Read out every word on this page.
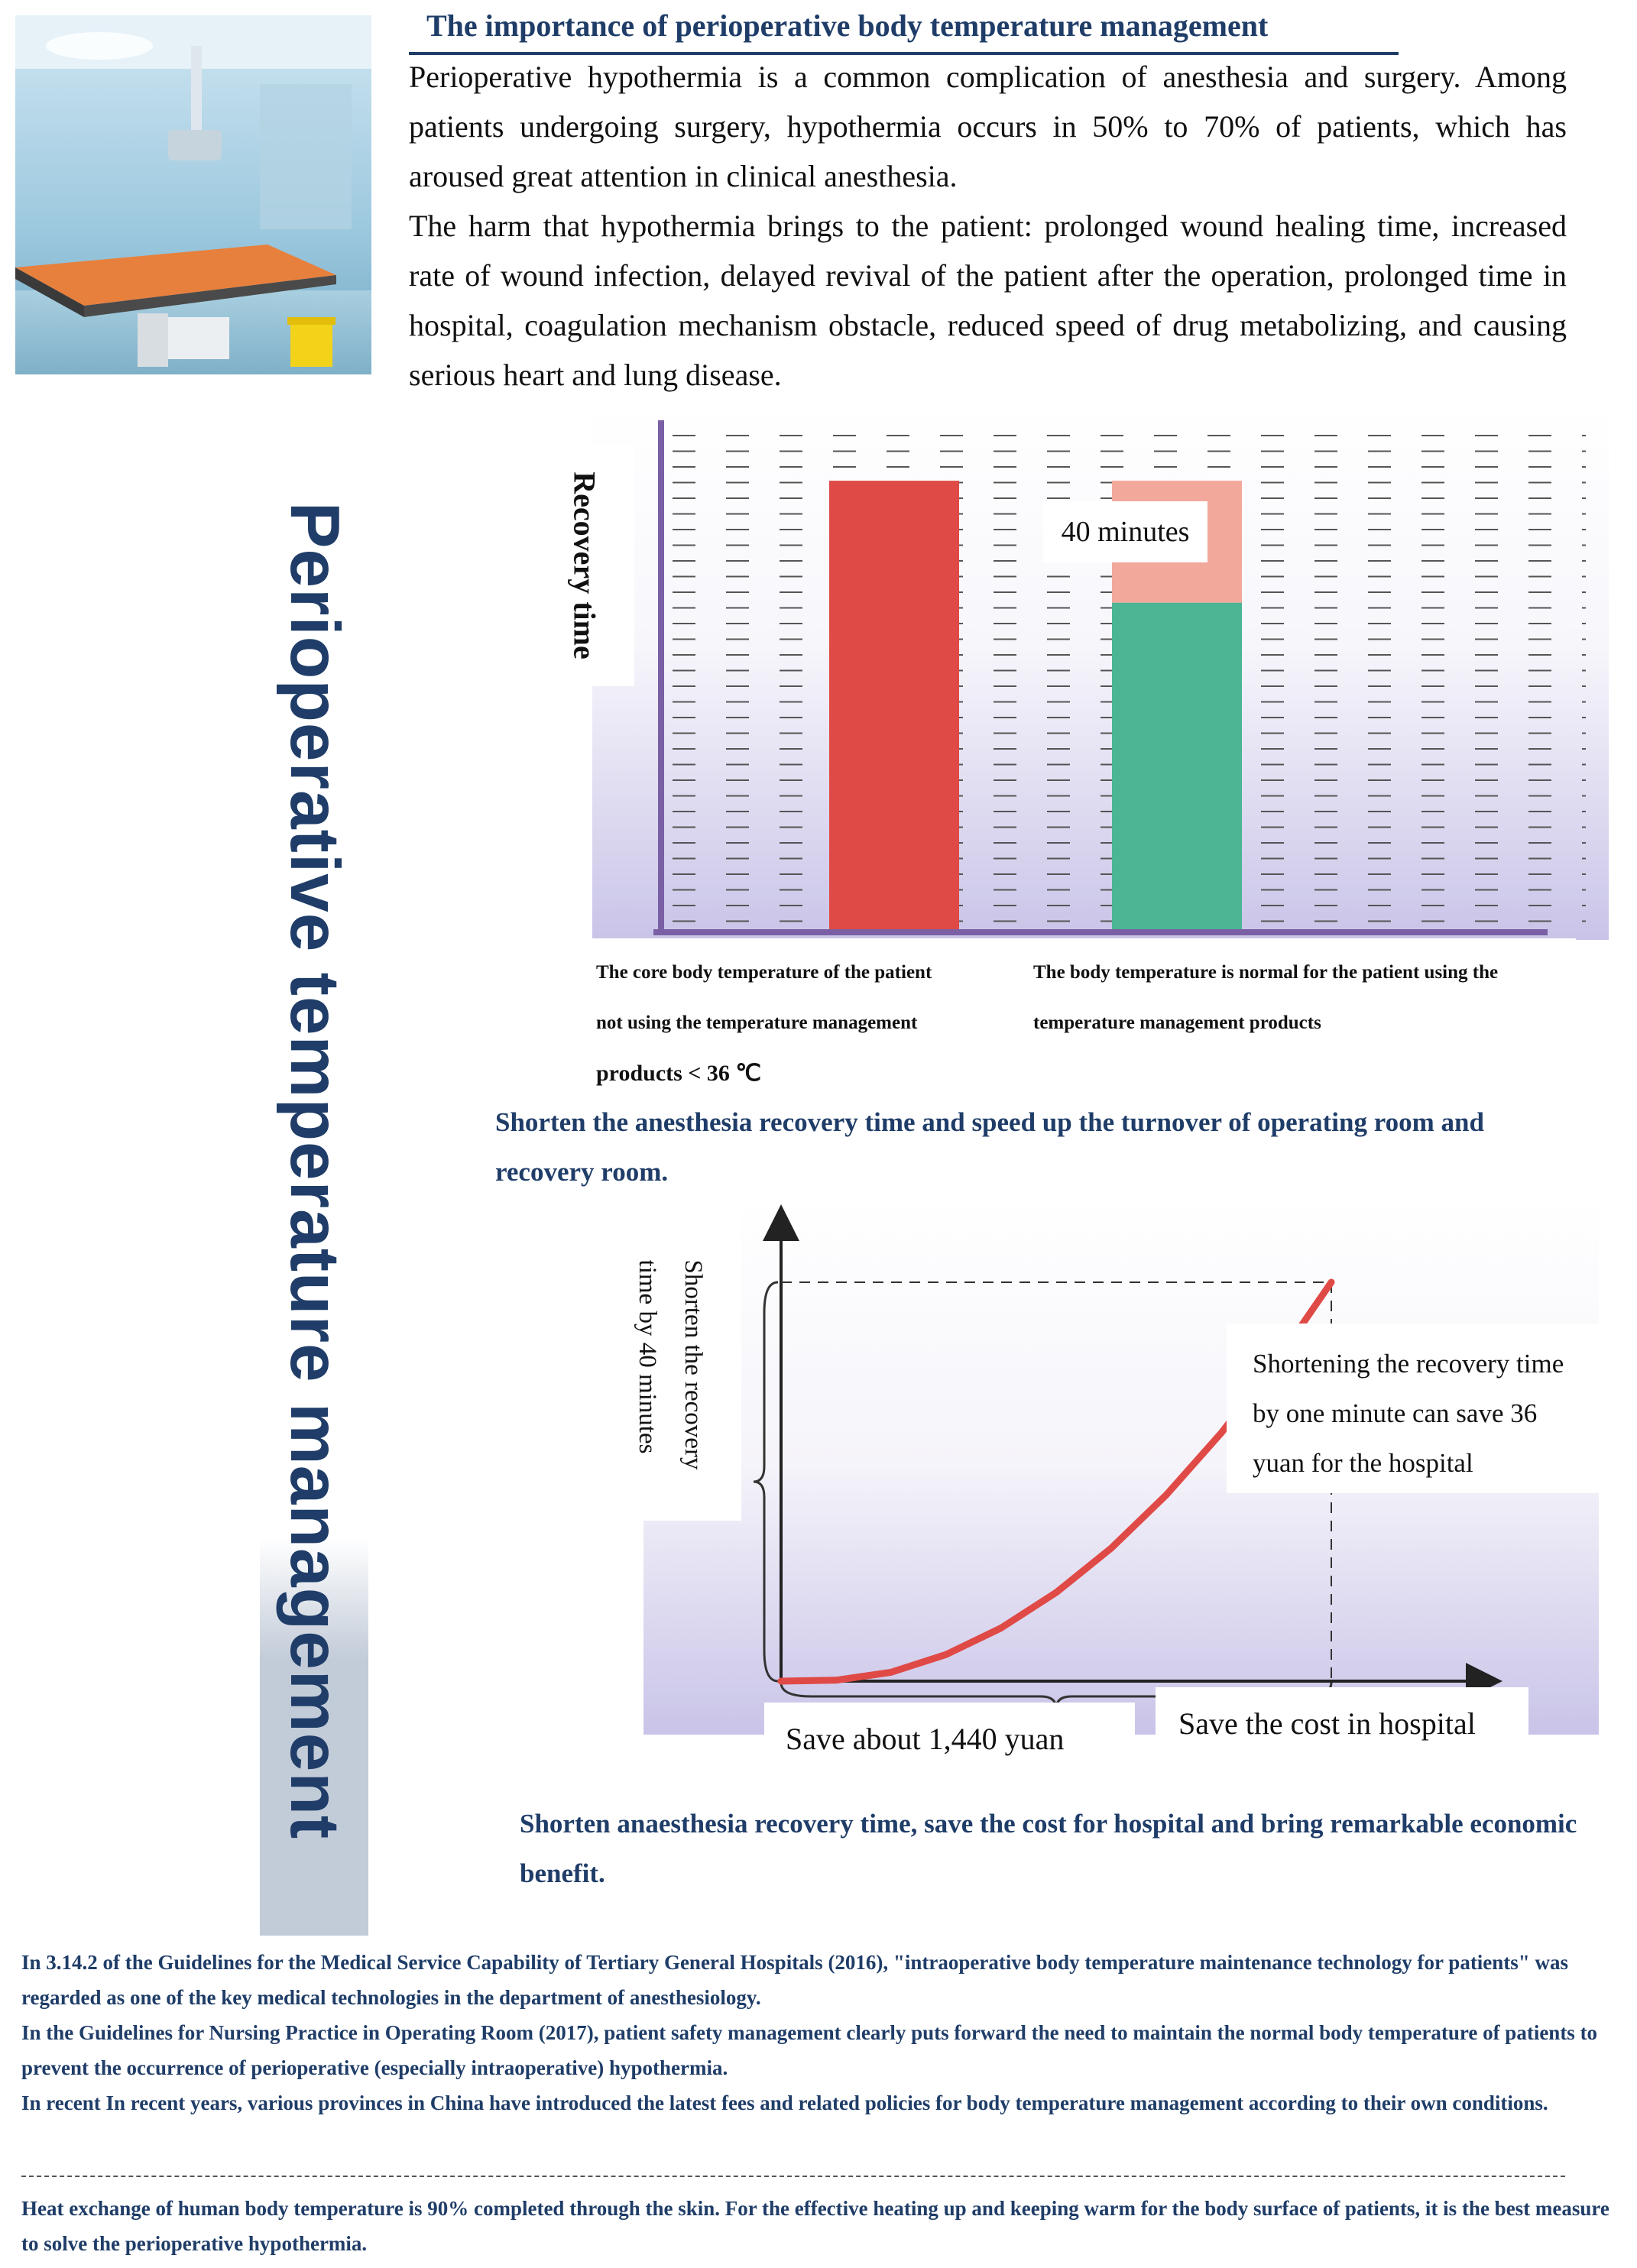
The importance of perioperative body temperature management

Perioperative hypothermia is a common complication of anesthesia and surgery. Among patients undergoing surgery, hypothermia occurs in 50% to 70% of patients, which has aroused great attention in clinical anesthesia.

The harm that hypothermia brings to the patient: prolonged wound healing time, increased rate of wound infection, delayed revival of the patient after the operation, prolonged time in hospital, coagulation mechanism obstacle, reduced speed of drug metabolizing, and causing serious heart and lung disease.

Perioperative temperature management	Recovery time	40 minutes
The core body temperature of the patient
not using the temperature management
products < 36 ℃
The body temperature is normal for the patient using the
temperature management products
Shorten the anesthesia recovery time and speed up the turnover of operating room and recovery room.
Shorten the recovery
time by 40 minutes	Shortening the recovery time
by one minute can save 36
yuan for the hospital
Save about 1,440 yuan	Save the cost in hospital
Shorten anaesthesia recovery time, save the cost for hospital and bring remarkable economic benefit.

In 3.14.2 of the Guidelines for the Medical Service Capability of Tertiary General Hospitals (2016), "intraoperative body temperature maintenance technology for patients" was regarded as one of the key medical technologies in the department of anesthesiology.

In the Guidelines for Nursing Practice in Operating Room (2017), patient safety management clearly puts forward the need to maintain the normal body temperature of patients to prevent the occurrence of perioperative (especially intraoperative) hypothermia.

In recent In recent years, various provinces in China have introduced the latest fees and related policies for body temperature management according to their own conditions.

Heat exchange of human body temperature is 90% completed through the skin. For the effective heating up and keeping warm for the body surface of patients, it is the best measure to solve the perioperative hypothermia.
